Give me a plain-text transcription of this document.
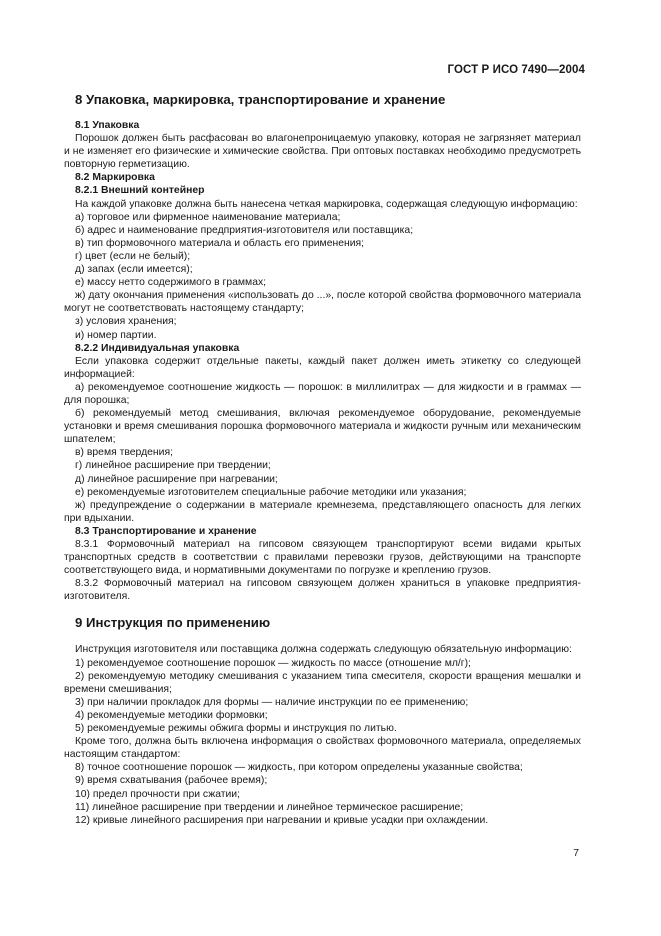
ГОСТ Р ИСО 7490—2004
8 Упаковка, маркировка, транспортирование и хранение
8.1 Упаковка

Порошок должен быть расфасован во влагонепроницаемую упаковку, которая не загрязняет материал и не изменяет его физические и химические свойства. При оптовых поставках необходимо предусмотреть повторную герметизацию.

8.2 Маркировка
8.2.1 Внешний контейнер

На каждой упаковке должна быть нанесена четкая маркировка, содержащая следующую информацию:

а) торговое или фирменное наименование материала;

б) адрес и наименование предприятия-изготовителя или поставщика;

в) тип формовочного материала и область его применения;

г) цвет (если не белый);

д) запах (если имеется);

е) массу нетто содержимого в граммах;

ж) дату окончания применения «использовать до ...», после которой свойства формовочного материала могут не соответствовать настоящему стандарту;

з) условия хранения;

и) номер партии.

8.2.2 Индивидуальная упаковка

Если упаковка содержит отдельные пакеты, каждый пакет должен иметь этикетку со следующей информацией:

а) рекомендуемое соотношение жидкость — порошок: в миллилитрах — для жидкости и в граммах — для порошка;

б) рекомендуемый метод смешивания, включая рекомендуемое оборудование, рекомендуемые установки и время смешивания порошка формовочного материала и жидкости ручным или механическим шпателем;

в) время твердения;

г) линейное расширение при твердении;

д) линейное расширение при нагревании;

е) рекомендуемые изготовителем специальные рабочие методики или указания;

ж) предупреждение о содержании в материале кремнезема, представляющего опасность для легких при вдыхании.

8.3 Транспортирование и хранение

8.3.1 Формовочный материал на гипсовом связующем транспортируют всеми видами крытых транспортных средств в соответствии с правилами перевозки грузов, действующими на транспорте соответствующего вида, и нормативными документами по погрузке и креплению грузов.

8.3.2 Формовочный материал на гипсовом связующем должен храниться в упаковке предприятия-изготовителя.

9 Инструкция по применению

Инструкция изготовителя или поставщика должна содержать следующую обязательную информацию:

1) рекомендуемое соотношение порошок — жидкость по массе (отношение мл/г);

2) рекомендуемую методику смешивания с указанием типа смесителя, скорости вращения мешалки и времени смешивания;

3) при наличии прокладок для формы — наличие инструкции по ее применению;

4) рекомендуемые методики формовки;

5) рекомендуемые режимы обжига формы и инструкция по литью.

Кроме того, должна быть включена информация о свойствах формовочного материала, определяемых настоящим стандартом:

8) точное соотношение порошок — жидкость, при котором определены указанные свойства;

9) время схватывания (рабочее время);

10) предел прочности при сжатии;

11) линейное расширение при твердении и линейное термическое расширение;

12) кривые линейного расширения при нагревании и кривые усадки при охлаждении.

7
